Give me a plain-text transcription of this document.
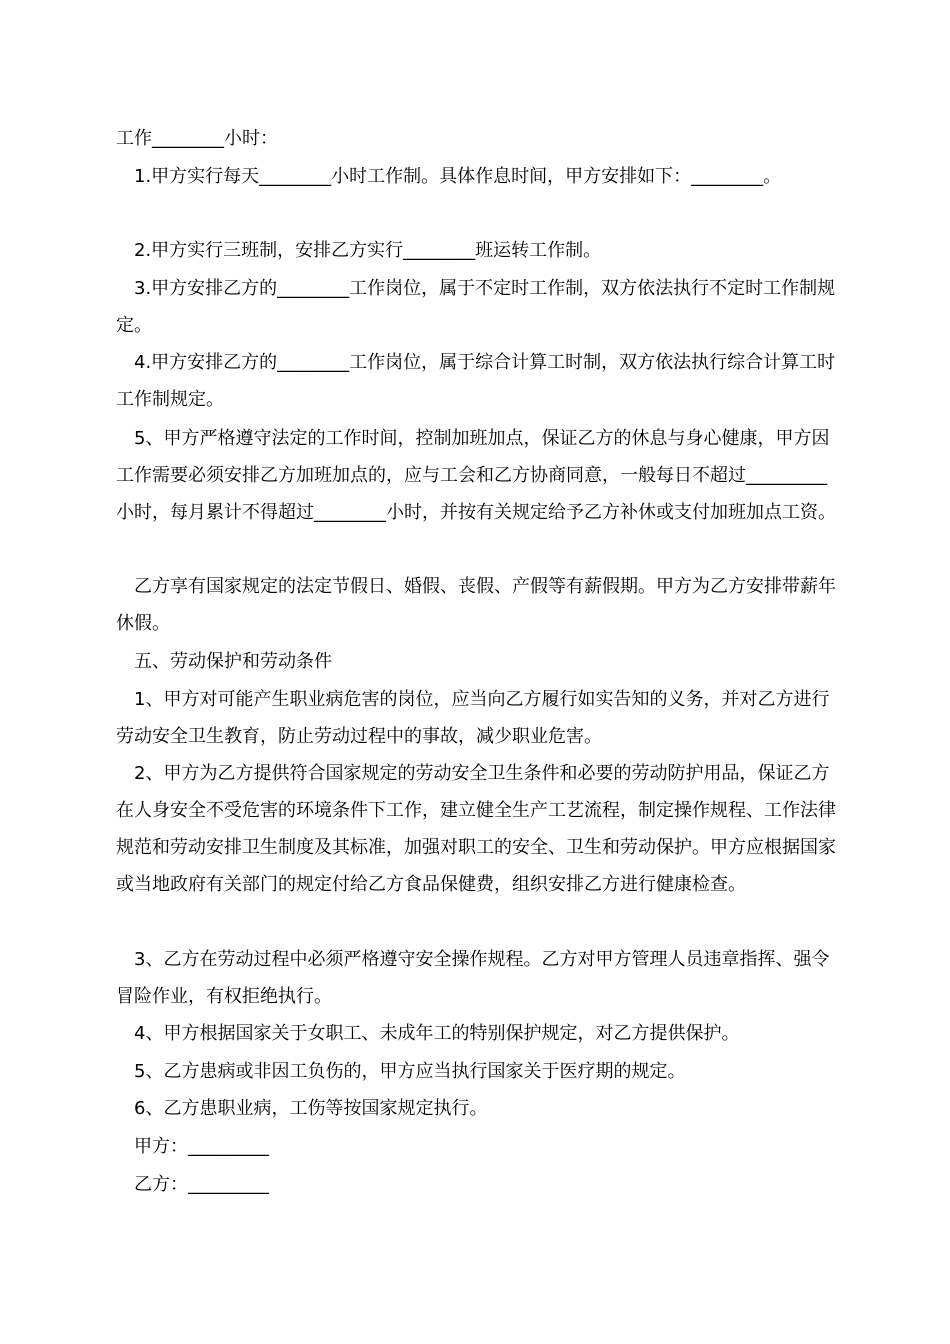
工作________小时：

1.甲方实行每天________小时工作制。具体作息时间，甲方安排如下：________。

2.甲方实行三班制，安排乙方实行________班运转工作制。

3.甲方安排乙方的________工作岗位，属于不定时工作制，双方依法执行不定时工作制规定。

4.甲方安排乙方的________工作岗位，属于综合计算工时制，双方依法执行综合计算工时工作制规定。

5、甲方严格遵守法定的工作时间，控制加班加点，保证乙方的休息与身心健康，甲方因工作需要必须安排乙方加班加点的，应与工会和乙方协商同意，一般每日不超过_________小时，每月累计不得超过________小时，并按有关规定给予乙方补休或支付加班加点工资。

乙方享有国家规定的法定节假日、婚假、丧假、产假等有薪假期。甲方为乙方安排带薪年休假。

五、劳动保护和劳动条件

1、甲方对可能产生职业病危害的岗位，应当向乙方履行如实告知的义务，并对乙方进行劳动安全卫生教育，防止劳动过程中的事故，减少职业危害。

2、甲方为乙方提供符合国家规定的劳动安全卫生条件和必要的劳动防护用品，保证乙方在人身安全不受危害的环境条件下工作，建立健全生产工艺流程，制定操作规程、工作法律规范和劳动安排卫生制度及其标准，加强对职工的安全、卫生和劳动保护。甲方应根据国家或当地政府有关部门的规定付给乙方食品保健费，组织安排乙方进行健康检查。

3、乙方在劳动过程中必须严格遵守安全操作规程。乙方对甲方管理人员违章指挥、强令冒险作业，有权拒绝执行。

4、甲方根据国家关于女职工、未成年工的特别保护规定，对乙方提供保护。

5、乙方患病或非因工负伤的，甲方应当执行国家关于医疗期的规定。

6、乙方患职业病，工伤等按国家规定执行。

甲方：_________

乙方：_________
